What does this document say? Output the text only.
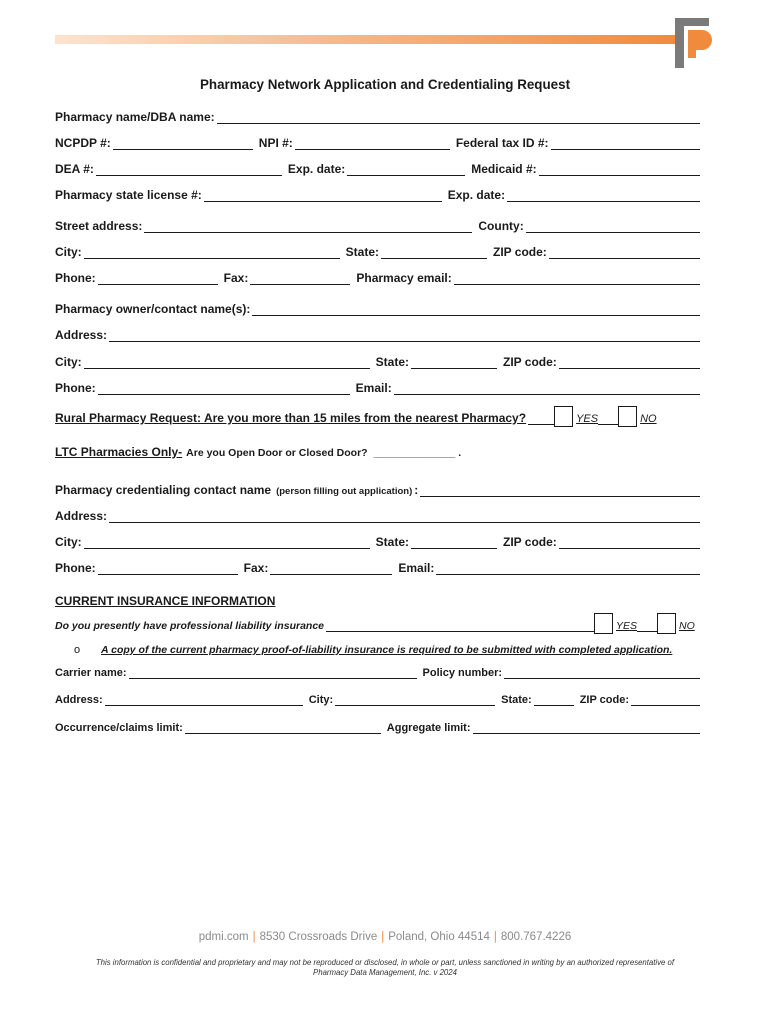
Pharmacy Network Application and Credentialing Request
Pharmacy name/DBA name:
NCPDP #:	NPI #:	Federal tax ID #:
DEA #:	Exp. date:	Medicaid #:
Pharmacy state license #:	Exp. date:
Street address:	County:
City:	State:	ZIP code:
Phone:	Fax:	Pharmacy email:
Pharmacy owner/contact name(s):
Address:
City:	State:	ZIP code:
Phone:	Email:
Rural Pharmacy Request: Are you more than 15 miles from the nearest Pharmacy?	YES	NO
LTC Pharmacies Only- Are you Open Door or Closed Door? ______________ .
Pharmacy credentialing contact name (person filling out application) :
Address:
City:	State:	ZIP code:
Phone:	Fax:	Email:
CURRENT INSURANCE INFORMATION
Do you presently have professional liability insurance	YES	NO
o	A copy of the current pharmacy proof-of-liability insurance is required to be submitted with completed application.
Carrier name:	Policy number:
Address:	City:	State:	ZIP code:
Occurrence/claims limit:	Aggregate limit:
pdmi.com | 8530 Crossroads Drive | Poland, Ohio 44514 | 800.767.4226
This information is confidential and proprietary and may not be reproduced or disclosed, in whole or part, unless sanctioned in writing by an authorized representative of
Pharmacy Data Management, Inc. v 2024
